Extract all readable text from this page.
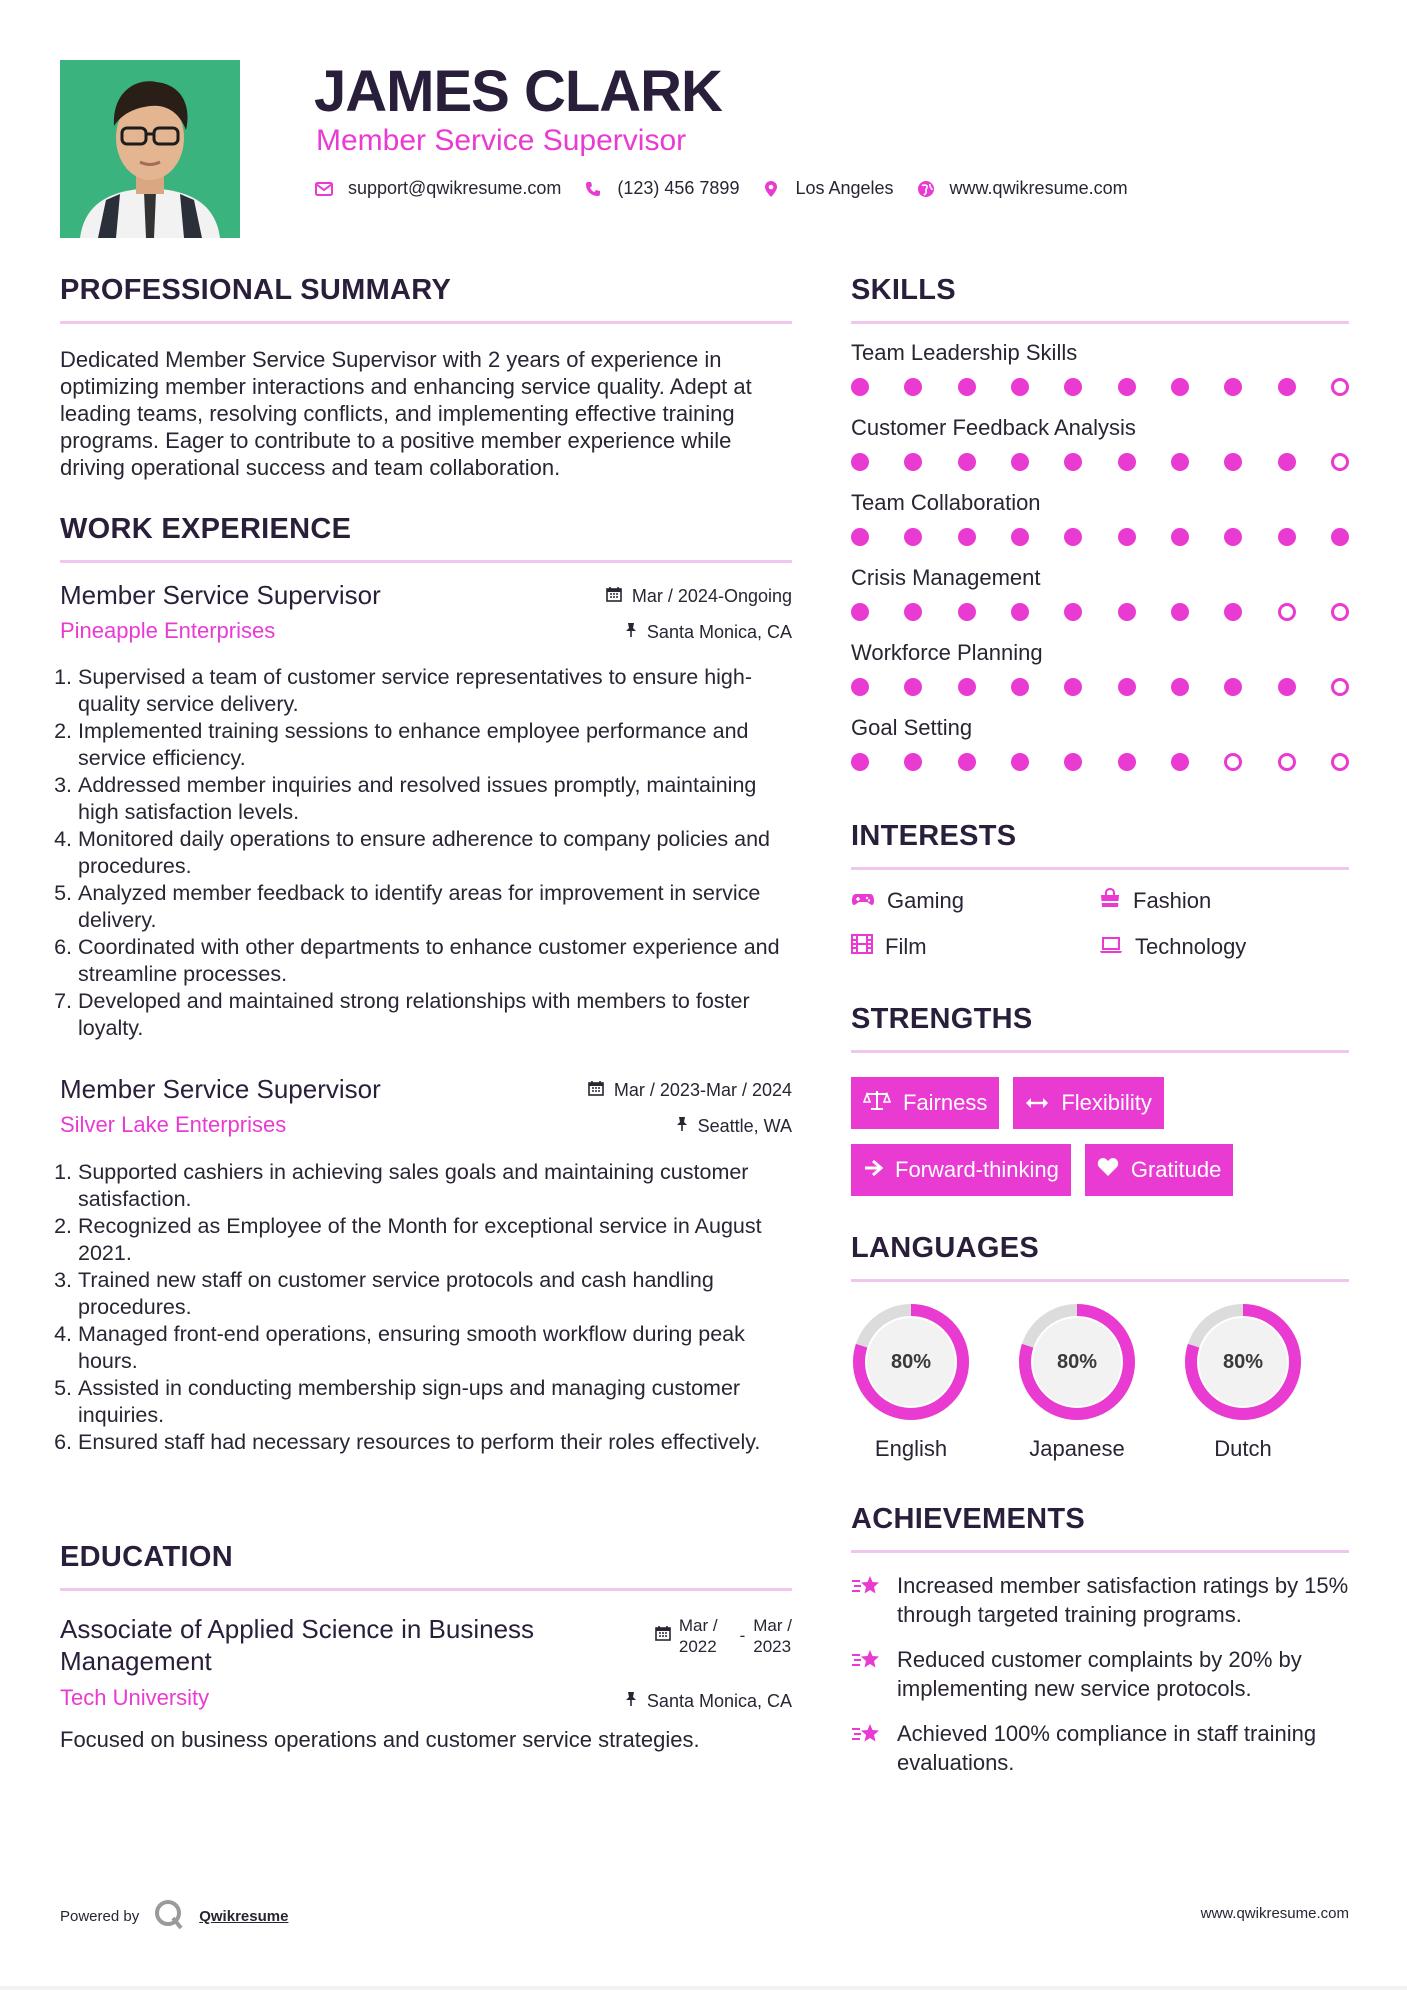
JAMES CLARK
Member Service Supervisor
support@qwikresume.com	(123) 456 7899	Los Angeles	www.qwikresume.com
PROFESSIONAL SUMMARY
Dedicated Member Service Supervisor with 2 years of experience in optimizing member interactions and enhancing service quality. Adept at leading teams, resolving conflicts, and implementing effective training programs. Eager to contribute to a positive member experience while driving operational success and team collaboration.
WORK EXPERIENCE
Member Service Supervisor
Pineapple Enterprises
Mar / 2024-Ongoing
Santa Monica, CA
1. Supervised a team of customer service representatives to ensure high-quality service delivery.
2. Implemented training sessions to enhance employee performance and service efficiency.
3. Addressed member inquiries and resolved issues promptly, maintaining high satisfaction levels.
4. Monitored daily operations to ensure adherence to company policies and procedures.
5. Analyzed member feedback to identify areas for improvement in service delivery.
6. Coordinated with other departments to enhance customer experience and streamline processes.
7. Developed and maintained strong relationships with members to foster loyalty.
Member Service Supervisor
Silver Lake Enterprises
Mar / 2023-Mar / 2024
Seattle, WA
1. Supported cashiers in achieving sales goals and maintaining customer satisfaction.
2. Recognized as Employee of the Month for exceptional service in August 2021.
3. Trained new staff on customer service protocols and cash handling procedures.
4. Managed front-end operations, ensuring smooth workflow during peak hours.
5. Assisted in conducting membership sign-ups and managing customer inquiries.
6. Ensured staff had necessary resources to perform their roles effectively.
EDUCATION
Associate of Applied Science in Business
Management
Tech University
Mar /
2022
-
Mar /
2023
Santa Monica, CA
Focused on business operations and customer service strategies.
SKILLS
Team Leadership Skills
Customer Feedback Analysis
Team Collaboration
Crisis Management
Workforce Planning
Goal Setting
INTERESTS
Gaming	Fashion
Film	Technology
STRENGTHS
Fairness	Flexibility
Forward-thinking	Gratitude
LANGUAGES
80%
English
80%
Japanese
80%
Dutch
ACHIEVEMENTS
Increased member satisfaction ratings by 15% through targeted training programs.
Reduced customer complaints by 20% by implementing new service protocols.
Achieved 100% compliance in staff training evaluations.
Powered by	Qwikresume	www.qwikresume.com
